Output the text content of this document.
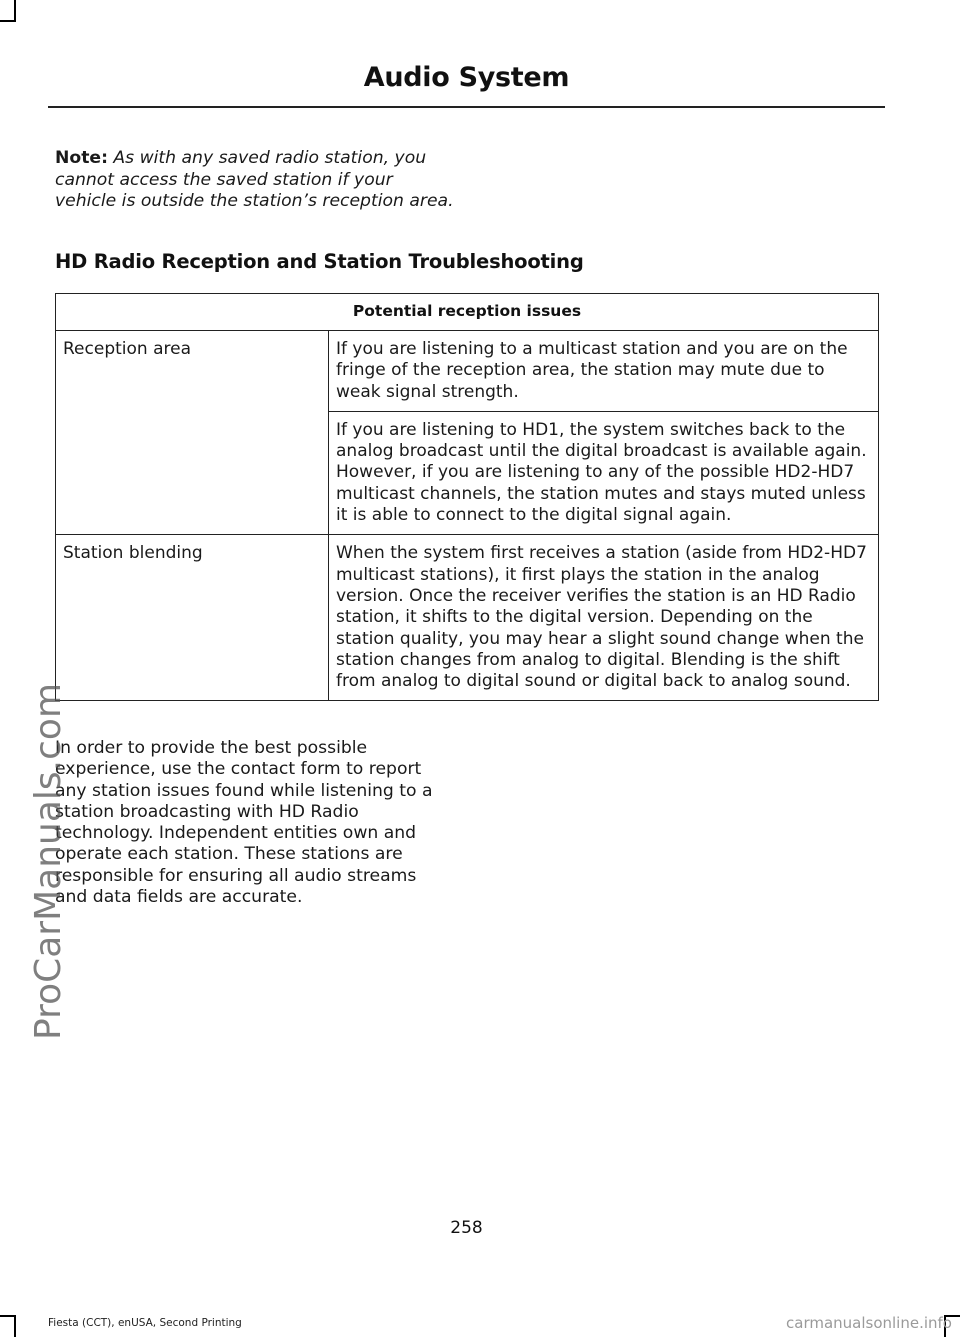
Audio System

Note: As with any saved radio station, you cannot access the saved station if your vehicle is outside the station’s reception area.

HD Radio Reception and Station Troubleshooting
Potential reception issues	
Reception area	If you are listening to a multicast station and you are on the fringe of the reception area, the station may mute due to weak signal strength.
	If you are listening to HD1, the system switches back to the analog broadcast until the digital broadcast is available again. However, if you are listening to any of the possible HD2-HD7 multicast channels, the station mutes and stays muted unless it is able to connect to the digital signal again.
Station blending	When the system first receives a station (aside from HD2-HD7 multicast stations), it first plays the station in the analog version. Once the receiver verifies the station is an HD Radio station, it shifts to the digital version. Depending on the station quality, you may hear a slight sound change when the station changes from analog to digital. Blending is the shift from analog to digital sound or digital back to analog sound.

In order to provide the best possible experience, use the contact form to report any station issues found while listening to a station broadcasting with HD Radio technology. Independent entities own and operate each station. These stations are responsible for ensuring all audio streams and data fields are accurate.

258
Fiesta (CCT), enUSA, Second Printing
ProCarManuals.com
carmanualsonline.info
